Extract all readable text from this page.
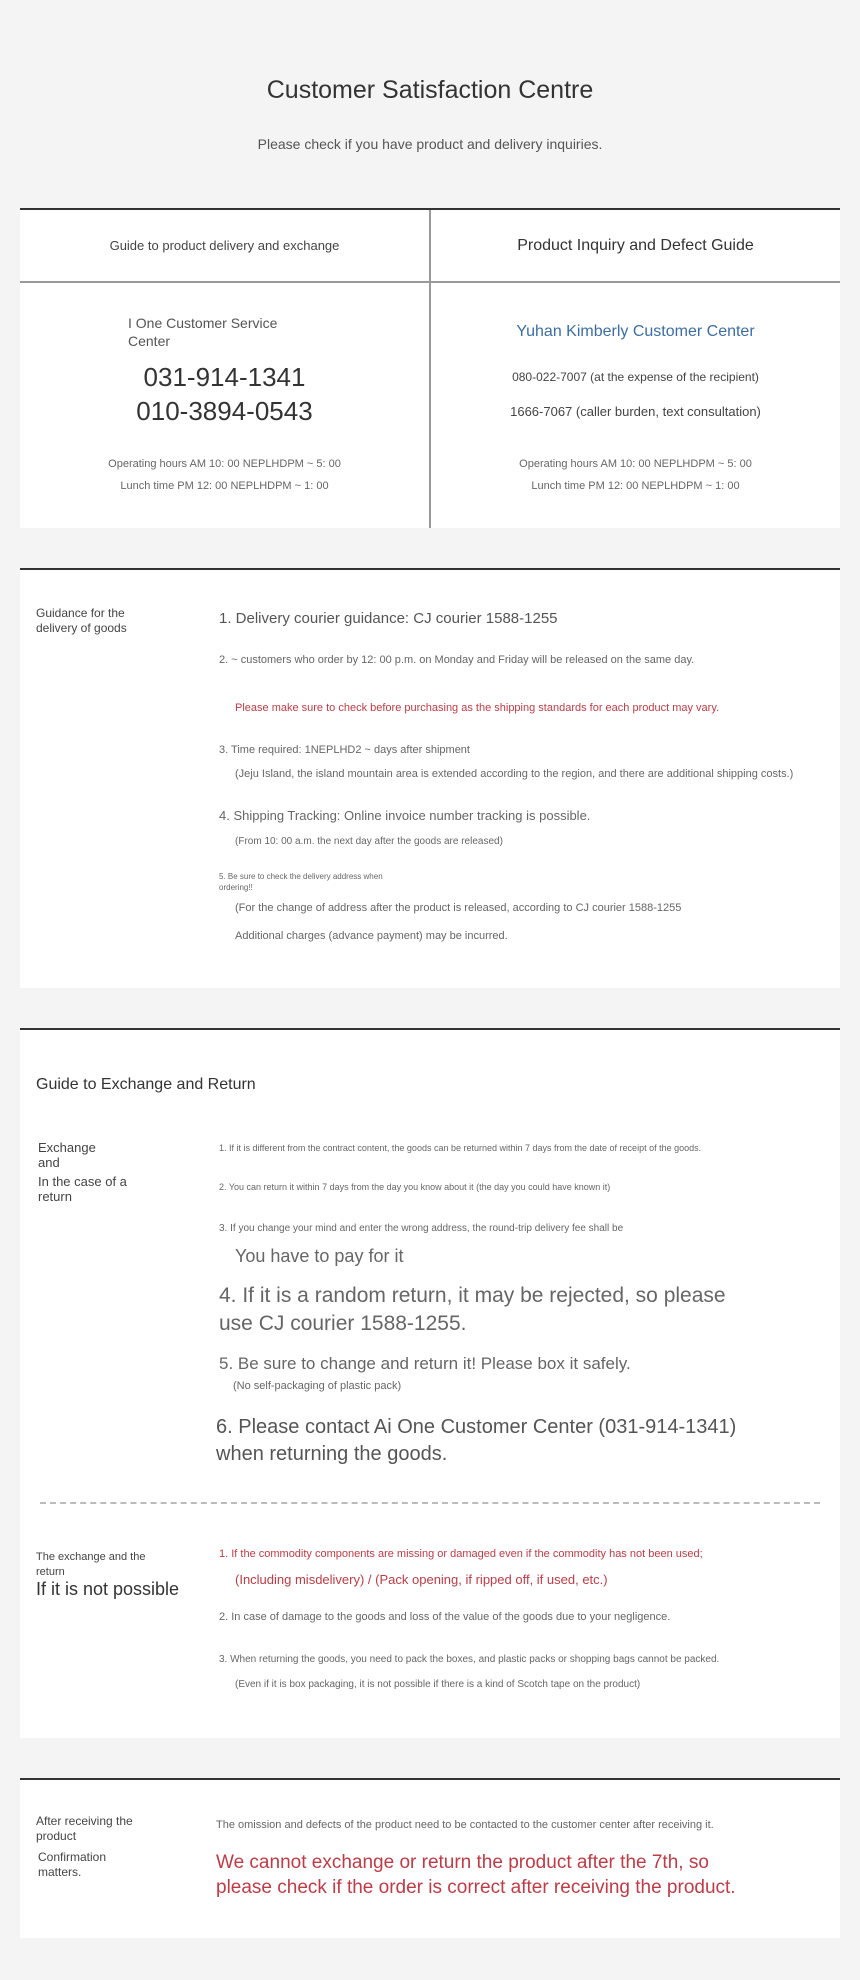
Customer Satisfaction Centre

Please check if you have product and delivery inquiries.

Guide to product delivery and exchange
I One Customer Service Center
031-914-1341
010-3894-0543
Operating hours AM 10: 00 NEPLHDPM ~ 5: 00
Lunch time PM 12: 00 NEPLHDPM ~ 1: 00
Product Inquiry and Defect Guide
Yuhan Kimberly Customer Center
080-022-7007 (at the expense of the recipient)
1666-7067 (caller burden, text consultation)
Operating hours AM 10: 00 NEPLHDPM ~ 5: 00
Lunch time PM 12: 00 NEPLHDPM ~ 1: 00
Guidance for the
delivery of goods
1. Delivery courier guidance: CJ courier 1588-1255
2. ~ customers who order by 12: 00 p.m. on Monday and Friday will be released on the same day.
Please make sure to check before purchasing as the shipping standards for each product may vary.
3. Time required: 1NEPLHD2 ~ days after shipment
(Jeju Island, the island mountain area is extended according to the region, and there are additional shipping costs.)
4. Shipping Tracking: Online invoice number tracking is possible.
(From 10: 00 a.m. the next day after the goods are released)
5. Be sure to check the delivery address when
ordering!!
(For the change of address after the product is released, according to CJ courier 1588-1255
Additional charges (advance payment) may be incurred.
Guide to Exchange and Return
Exchange
and
In the case of a
return
1. If it is different from the contract content, the goods can be returned within 7 days from the date of receipt of the goods.
2. You can return it within 7 days from the day you know about it (the day you could have known it)
3. If you change your mind and enter the wrong address, the round-trip delivery fee shall be
You have to pay for it
4. If it is a random return, it may be rejected, so please
use CJ courier 1588-1255.
5. Be sure to change and return it! Please box it safely.
(No self-packaging of plastic pack)
6. Please contact Ai One Customer Center (031-914-1341)
when returning the goods.
The exchange and the return
If it is not possible
1. If the commodity components are missing or damaged even if the commodity has not been used;
(Including misdelivery) / (Pack opening, if ripped off, if used, etc.)
2. In case of damage to the goods and loss of the value of the goods due to your negligence.
3. When returning the goods, you need to pack the boxes, and plastic packs or shopping bags cannot be packed.
(Even if it is box packaging, it is not possible if there is a kind of Scotch tape on the product)
After receiving the
product
Confirmation
matters.
The omission and defects of the product need to be contacted to the customer center after receiving it.
We cannot exchange or return the product after the 7th, so
please check if the order is correct after receiving the product.
